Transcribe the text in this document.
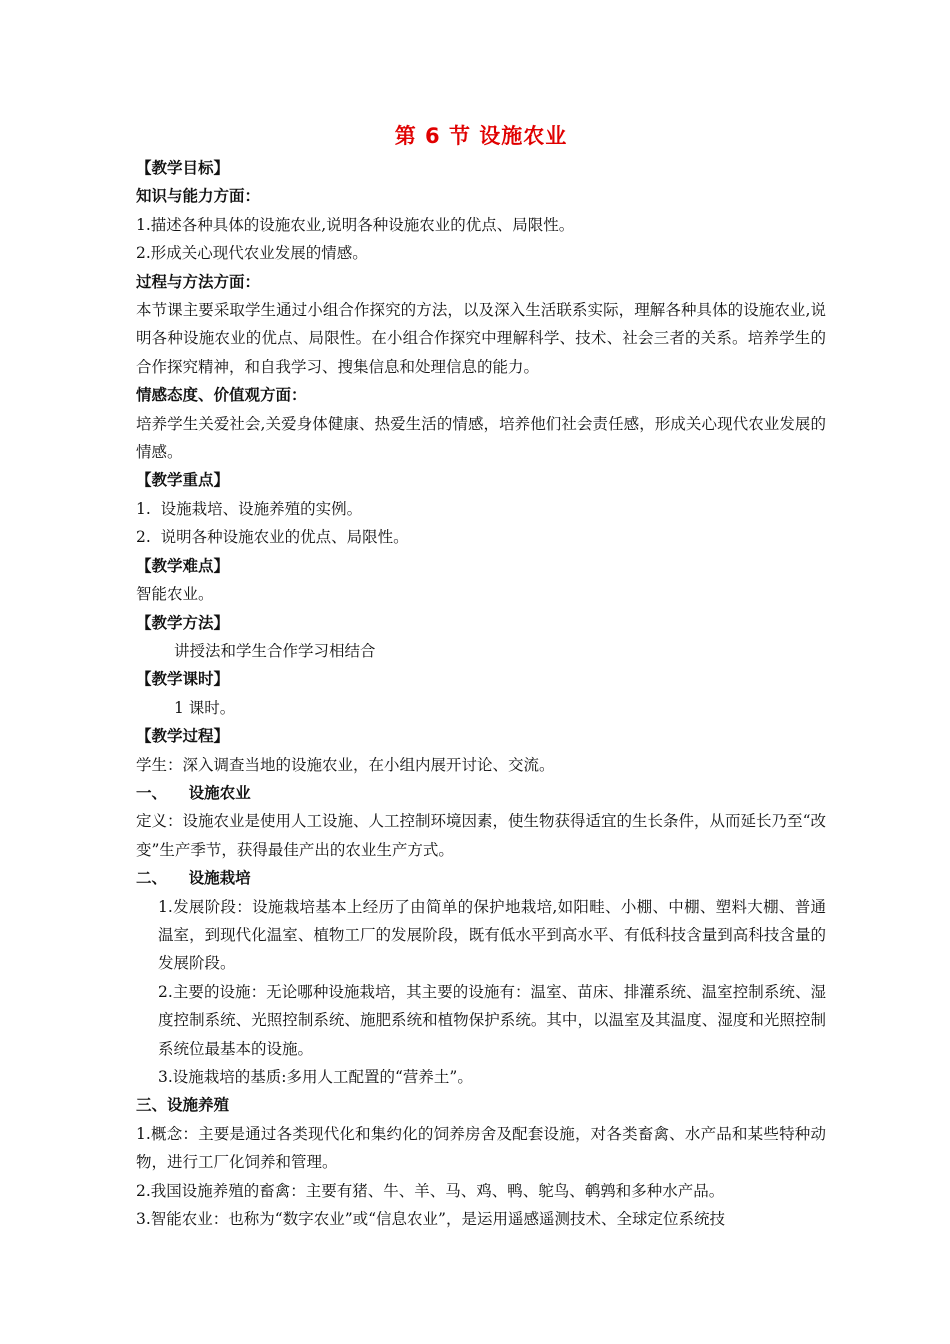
第 6 节 设施农业

【教学目标】

知识与能力方面：

1.描述各种具体的设施农业,说明各种设施农业的优点、局限性。

2.形成关心现代农业发展的情感。

过程与方法方面：

本节课主要采取学生通过小组合作探究的方法，以及深入生活联系实际，理解各种具体的设施农业,说明各种设施农业的优点、局限性。在小组合作探究中理解科学、技术、社会三者的关系。培养学生的合作探究精神，和自我学习、搜集信息和处理信息的能力。

情感态度、价值观方面：

培养学生关爱社会,关爱身体健康、热爱生活的情感，培养他们社会责任感，形成关心现代农业发展的情感。

【教学重点】

1.  设施栽培、设施养殖的实例。

2.  说明各种设施农业的优点、局限性。

【教学难点】

智能农业。

【教学方法】

讲授法和学生合作学习相结合

【教学课时】

1 课时。

【教学过程】

学生：深入调查当地的设施农业，在小组内展开讨论、交流。

一、    设施农业

定义：设施农业是使用人工设施、人工控制环境因素，使生物获得适宜的生长条件，从而延长乃至“改变”生产季节，获得最佳产出的农业生产方式。

二、    设施栽培

1.发展阶段：设施栽培基本上经历了由简单的保护地栽培,如阳畦、小棚、中棚、塑料大棚、普通温室，到现代化温室、植物工厂的发展阶段，既有低水平到高水平、有低科技含量到高科技含量的发展阶段。

2.主要的设施：无论哪种设施栽培，其主要的设施有：温室、苗床、排灌系统、温室控制系统、湿度控制系统、光照控制系统、施肥系统和植物保护系统。其中，以温室及其温度、湿度和光照控制系统位最基本的设施。

3.设施栽培的基质:多用人工配置的“营养土”。

三、设施养殖

1.概念：主要是通过各类现代化和集约化的饲养房舍及配套设施，对各类畜禽、水产品和某些特种动物，进行工厂化饲养和管理。

2.我国设施养殖的畜禽：主要有猪、牛、羊、马、鸡、鸭、鸵鸟、鹌鹑和多种水产品。

3.智能农业：也称为“数字农业”或“信息农业”，是运用遥感遥测技术、全球定位系统技
